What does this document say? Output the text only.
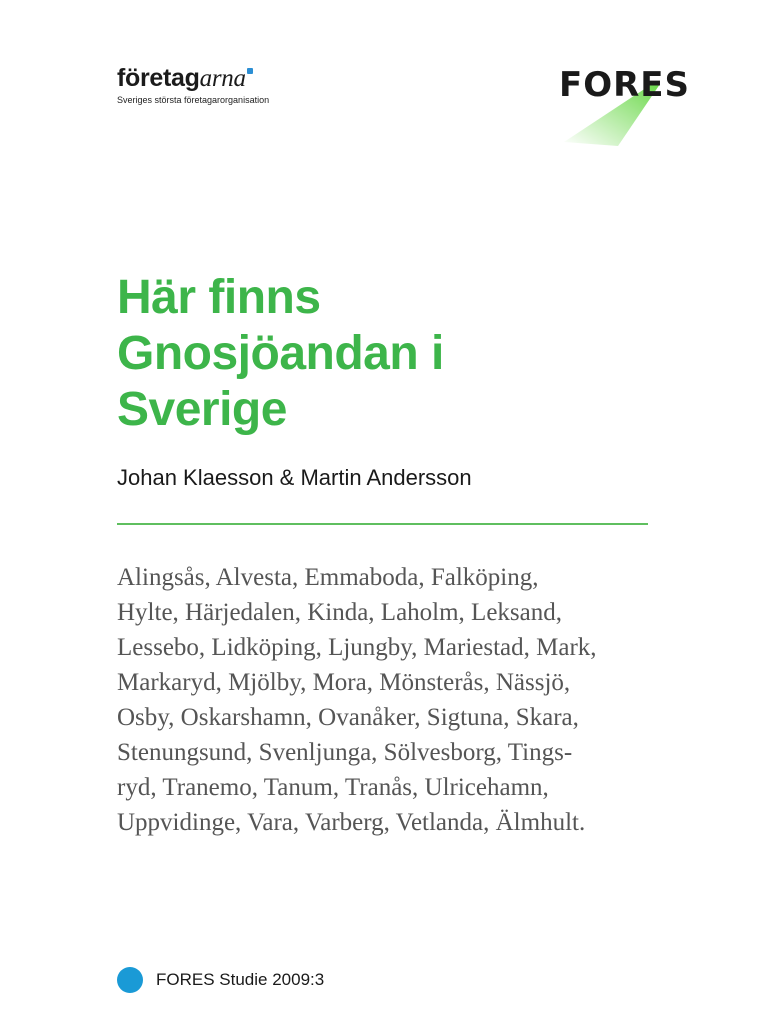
företagarna
Sveriges största företagarorganisation	FORES
Här finns
Gnosjöandan i
Sverige
Johan Klaesson & Martin Andersson
Alingsås, Alvesta, Emmaboda, Falköping,
Hylte, Härjedalen, Kinda, Laholm, Leksand,
Lessebo, Lidköping, Ljungby, Mariestad, Mark,
Markaryd, Mjölby, Mora, Mönsterås, Nässjö,
Osby, Oskarshamn, Ovanåker, Sigtuna, Skara,
Stenungsund, Svenljunga, Sölvesborg, Tings-
ryd, Tranemo, Tanum, Tranås, Ulricehamn,
Uppvidinge, Vara, Varberg, Vetlanda, Älmhult.
FORES Studie 2009:3
